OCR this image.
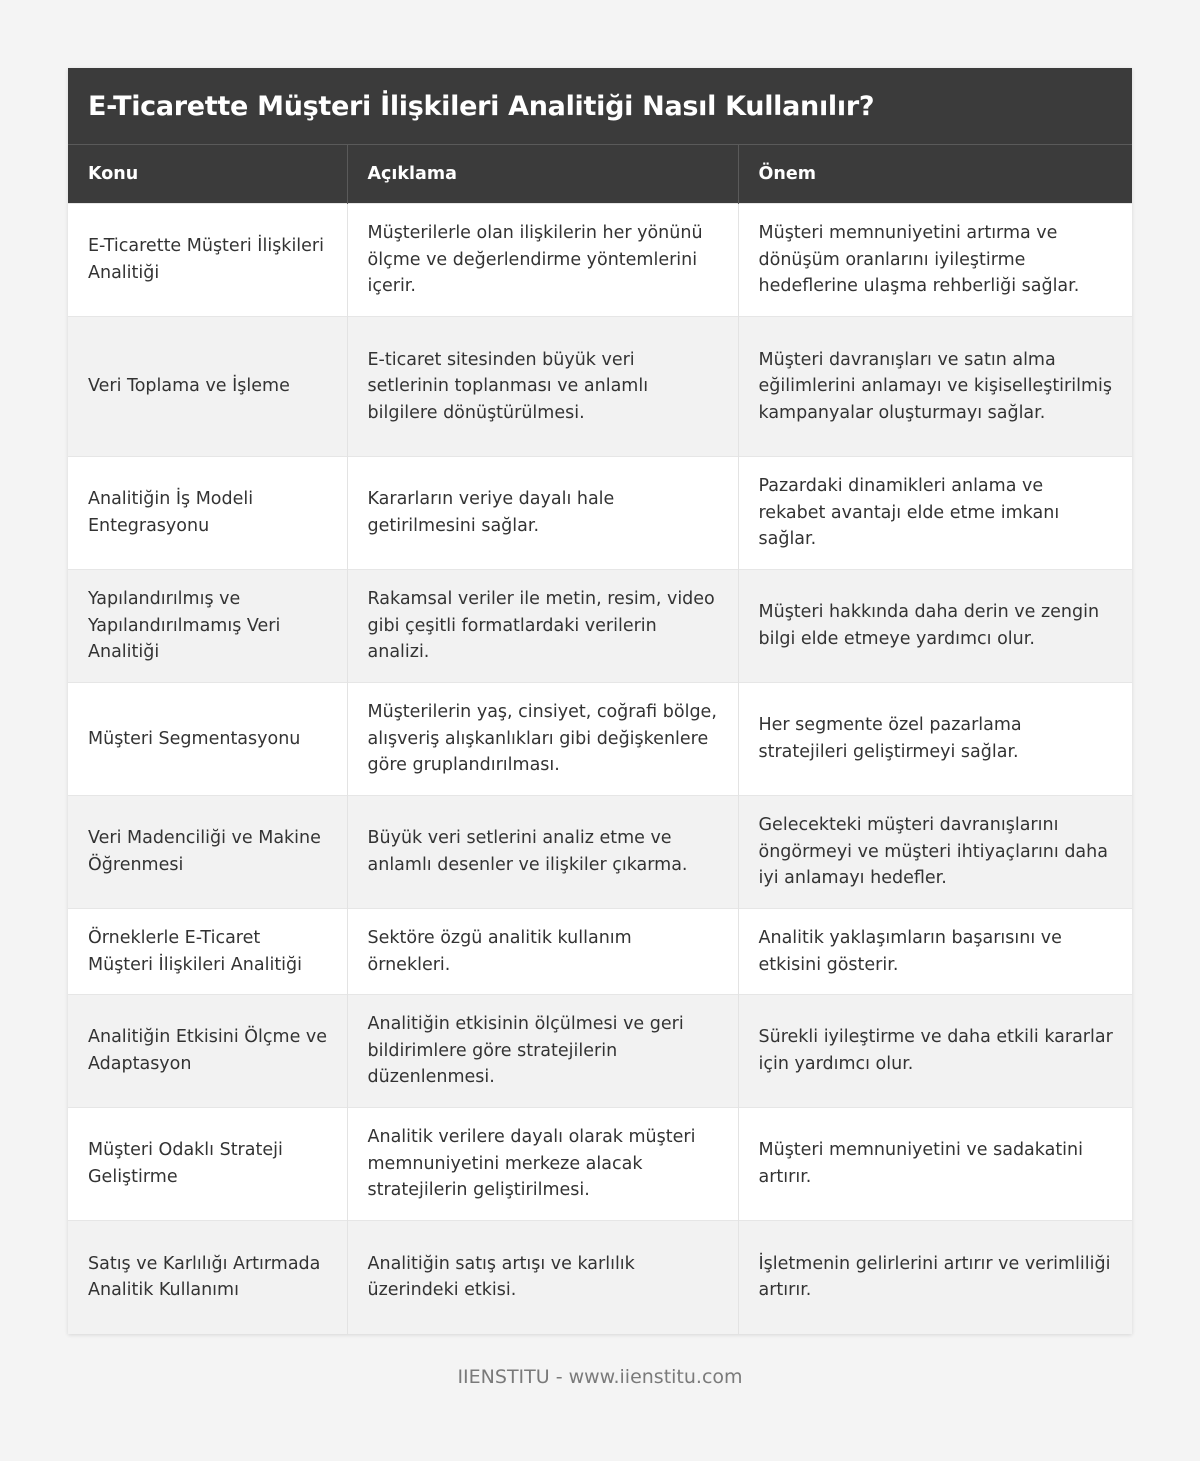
E-Ticarette Müşteri İlişkileri Analitiği Nasıl Kullanılır?
Konu	Açıklama	Önem
E-Ticarette Müşteri İlişkileri Analitiği	Müşterilerle olan ilişkilerin her yönünü ölçme ve değerlendirme yöntemlerini içerir.	Müşteri memnuniyetini artırma ve dönüşüm oranlarını iyileştirme hedeflerine ulaşma rehberliği sağlar.
Veri Toplama ve İşleme	E-ticaret sitesinden büyük veri setlerinin toplanması ve anlamlı bilgilere dönüştürülmesi.	Müşteri davranışları ve satın alma eğilimlerini anlamayı ve kişiselleştirilmiş kampanyalar oluşturmayı sağlar.
Analitiğin İş Modeli Entegrasyonu	Kararların veriye dayalı hale getirilmesini sağlar.	Pazardaki dinamikleri anlama ve rekabet avantajı elde etme imkanı sağlar.
Yapılandırılmış ve Yapılandırılmamış Veri Analitiği	Rakamsal veriler ile metin, resim, video gibi çeşitli formatlardaki verilerin analizi.	Müşteri hakkında daha derin ve zengin bilgi elde etmeye yardımcı olur.
Müşteri Segmentasyonu	Müşterilerin yaş, cinsiyet, coğrafi bölge, alışveriş alışkanlıkları gibi değişkenlere göre gruplandırılması.	Her segmente özel pazarlama stratejileri geliştirmeyi sağlar.
Veri Madenciliği ve Makine Öğrenmesi	Büyük veri setlerini analiz etme ve anlamlı desenler ve ilişkiler çıkarma.	Gelecekteki müşteri davranışlarını öngörmeyi ve müşteri ihtiyaçlarını daha iyi anlamayı hedefler.
Örneklerle E-Ticaret Müşteri İlişkileri Analitiği	Sektöre özgü analitik kullanım örnekleri.	Analitik yaklaşımların başarısını ve etkisini gösterir.
Analitiğin Etkisini Ölçme ve Adaptasyon	Analitiğin etkisinin ölçülmesi ve geri bildirimlere göre stratejilerin düzenlenmesi.	Sürekli iyileştirme ve daha etkili kararlar için yardımcı olur.
Müşteri Odaklı Strateji Geliştirme	Analitik verilere dayalı olarak müşteri memnuniyetini merkeze alacak stratejilerin geliştirilmesi.	Müşteri memnuniyetini ve sadakatini artırır.
Satış ve Karlılığı Artırmada Analitik Kullanımı	Analitiğin satış artışı ve karlılık üzerindeki etkisi.	İşletmenin gelirlerini artırır ve verimliliği artırır.
IIENSTITU - www.iienstitu.com
